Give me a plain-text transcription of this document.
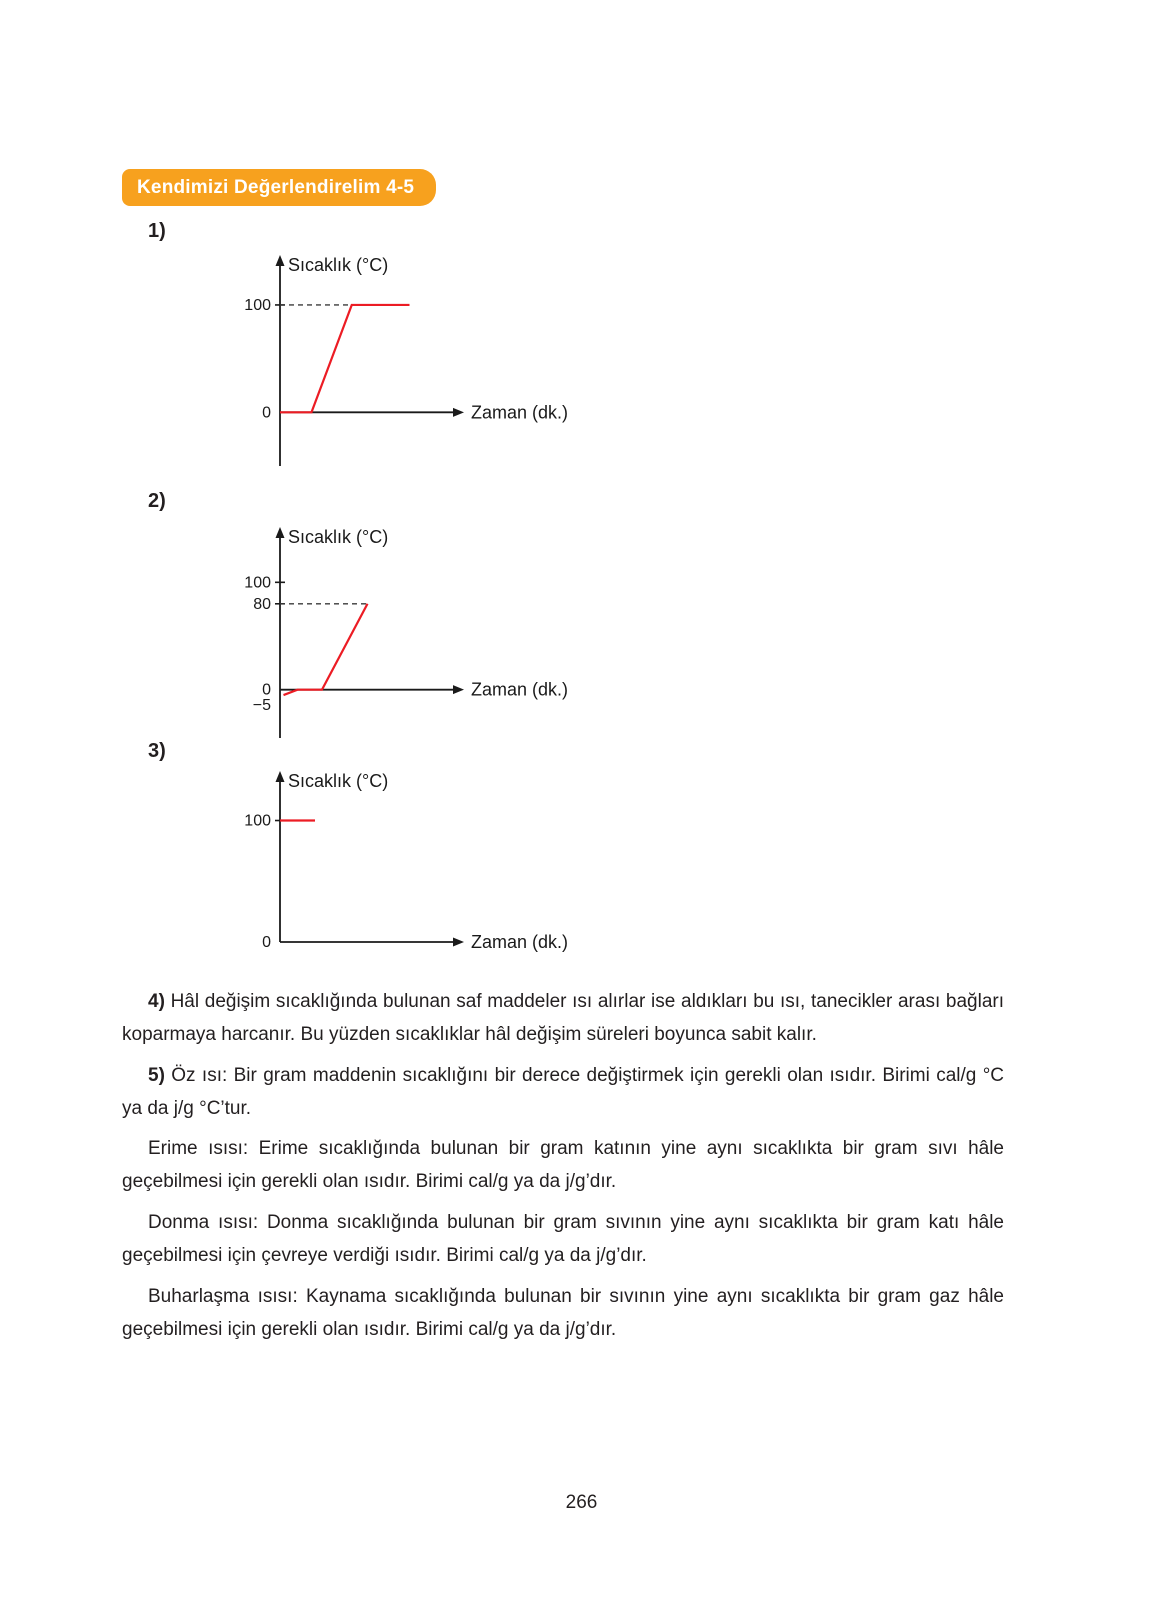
Kendimizi Değerlendirelim 4-5
1)
Sıcaklık (°C)
Zaman (dk.)
100
0
2)
Sıcaklık (°C)
Zaman (dk.)
100
80
0
−5
3)
Sıcaklık (°C)
Zaman (dk.)
100
0

4) Hâl değişim sıcaklığında bulunan saf maddeler ısı alırlar ise aldıkları bu ısı, tanecikler arası bağları koparmaya harcanır. Bu yüzden sıcaklıklar hâl değişim süreleri boyunca sabit kalır.

5) Öz ısı: Bir gram maddenin sıcaklığını bir derece değiştirmek için gerekli olan ısıdır. Birimi cal/g °C ya da j/g °C’tur.

Erime ısısı: Erime sıcaklığında bulunan bir gram katının yine aynı sıcaklıkta bir gram sıvı hâle geçebilmesi için gerekli olan ısıdır. Birimi cal/g ya da j/g’dır.

Donma ısısı: Donma sıcaklığında bulunan bir gram sıvının yine aynı sıcaklıkta bir gram katı hâle geçebilmesi için çevreye verdiği ısıdır. Birimi cal/g ya da j/g’dır.

Buharlaşma ısısı: Kaynama sıcaklığında bulunan bir sıvının yine aynı sıcaklıkta bir gram gaz hâle geçebilmesi için gerekli olan ısıdır. Birimi cal/g ya da j/g’dır.

266
